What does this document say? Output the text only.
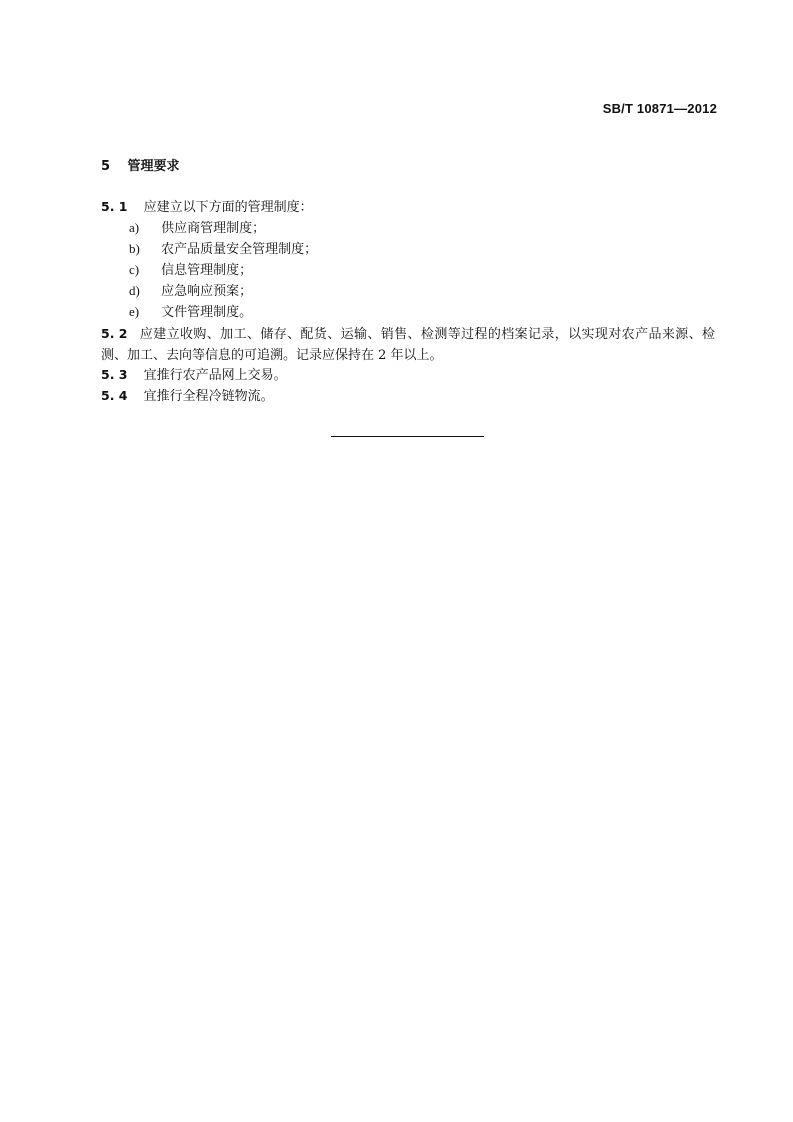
SB/T 10871—2012
5 管理要求
5. 1 应建立以下方面的管理制度：
a) 供应商管理制度；
b) 农产品质量安全管理制度；
c) 信息管理制度；
d) 应急响应预案；
e) 文件管理制度。
5. 2 应建立收购、加工、储存、配货、运输、销售、检测等过程的档案记录，以实现对农产品来源、检测、加工、去向等信息的可追溯。记录应保持在 2 年以上。
5. 3 宜推行农产品网上交易。
5. 4 宜推行全程冷链物流。
